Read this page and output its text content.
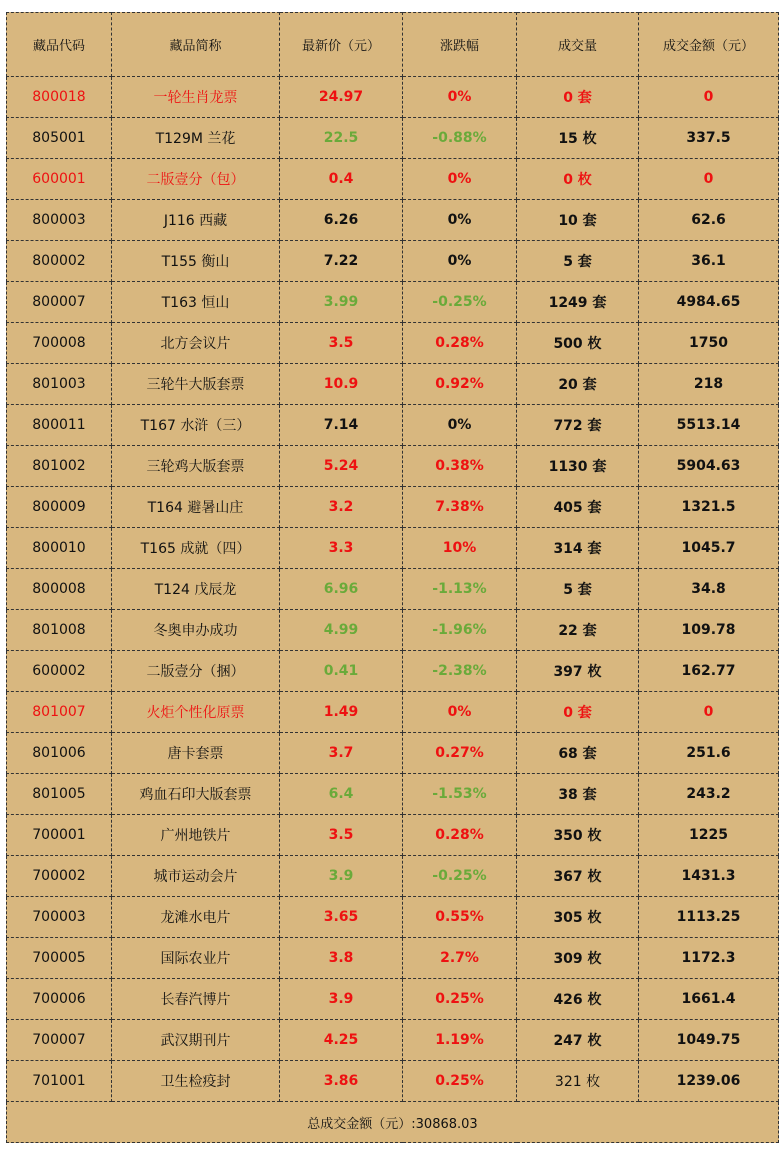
藏品代码	藏品简称	最新价（元）	涨跌幅	成交量	成交金额（元）
800018	一轮生肖龙票	24.97	0%	0 套	0
805001	T129M 兰花	22.5	-0.88%	15 枚	337.5
600001	二版壹分（包）	0.4	0%	0 枚	0
800003	J116 西藏	6.26	0%	10 套	62.6
800002	T155 衡山	7.22	0%	5 套	36.1
800007	T163 恒山	3.99	-0.25%	1249 套	4984.65
700008	北方会议片	3.5	0.28%	500 枚	1750
801003	三轮牛大版套票	10.9	0.92%	20 套	218
800011	T167 水浒（三）	7.14	0%	772 套	5513.14
801002	三轮鸡大版套票	5.24	0.38%	1130 套	5904.63
800009	T164 避暑山庄	3.2	7.38%	405 套	1321.5
800010	T165 成就（四）	3.3	10%	314 套	1045.7
800008	T124 戊辰龙	6.96	-1.13%	5 套	34.8
801008	冬奥申办成功	4.99	-1.96%	22 套	109.78
600002	二版壹分（捆）	0.41	-2.38%	397 枚	162.77
801007	火炬个性化原票	1.49	0%	0 套	0
801006	唐卡套票	3.7	0.27%	68 套	251.6
801005	鸡血石印大版套票	6.4	-1.53%	38 套	243.2
700001	广州地铁片	3.5	0.28%	350 枚	1225
700002	城市运动会片	3.9	-0.25%	367 枚	1431.3
700003	龙滩水电片	3.65	0.55%	305 枚	1113.25
700005	国际农业片	3.8	2.7%	309 枚	1172.3
700006	长春汽博片	3.9	0.25%	426 枚	1661.4
700007	武汉期刊片	4.25	1.19%	247 枚	1049.75
701001	卫生检疫封	3.86	0.25%	321 枚	1239.06
总成交金额（元）:30868.03					
